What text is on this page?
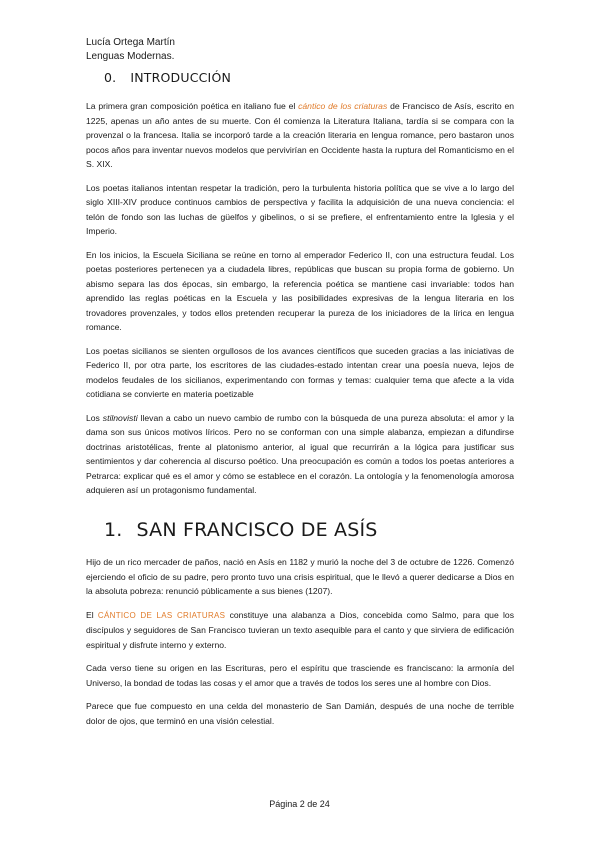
Lucía Ortega Martín
Lenguas Modernas.
0. INTRODUCCIÓN

La primera gran composición poética en italiano fue el cántico de los criaturas de Francisco de Asís, escrito en 1225, apenas un año antes de su muerte. Con él comienza la Literatura Italiana, tardía si se compara con la provenzal o la francesa. Italia se incorporó tarde a la creación literaria en lengua romance, pero bastaron unos pocos años para inventar nuevos modelos que pervivirían en Occidente hasta la ruptura del Romanticismo en el S. XIX.

Los poetas italianos intentan respetar la tradición, pero la turbulenta historia política que se vive a lo largo del siglo XIII-XIV produce continuos cambios de perspectiva y facilita la adquisición de una nueva conciencia: el telón de fondo son las luchas de güelfos y gibelinos, o si se prefiere, el enfrentamiento entre la Iglesia y el Imperio.

En los inicios, la Escuela Siciliana se reúne en torno al emperador Federico II, con una estructura feudal. Los poetas posteriores pertenecen ya a ciudadela libres, repúblicas que buscan su propia forma de gobierno. Un abismo separa las dos épocas, sin embargo, la referencia poética se mantiene casi invariable: todos han aprendido las reglas poéticas en la Escuela y las posibilidades expresivas de la lengua literaria en los trovadores provenzales, y todos ellos pretenden recuperar la pureza de los iniciadores de la lírica en lengua romance.

Los poetas sicilianos se sienten orgullosos de los avances científicos que suceden gracias a las iniciativas de Federico II, por otra parte, los escritores de las ciudades-estado intentan crear una poesía nueva, lejos de modelos feudales de los sicilianos, experimentando con formas y temas: cualquier tema que afecte a la vida cotidiana se convierte en materia poetizable

Los stilnovisti llevan a cabo un nuevo cambio de rumbo con la búsqueda de una pureza absoluta: el amor y la dama son sus únicos motivos líricos. Pero no se conforman con una simple alabanza, empiezan a difundirse doctrinas aristotélicas, frente al platonismo anterior, al igual que recurrirán a la lógica para justificar sus sentimientos y dar coherencia al discurso poético. Una preocupación es común a todos los poetas anteriores a Petrarca: explicar qué es el amor y cómo se establece en el corazón. La ontología y la fenomenología amorosa adquieren así un protagonismo fundamental.

1. SAN FRANCISCO DE ASÍS

Hijo de un rico mercader de paños, nació en Asís en 1182 y murió la noche del 3 de octubre de 1226. Comenzó ejerciendo el oficio de su padre, pero pronto tuvo una crisis espiritual, que le llevó a querer dedicarse a Dios en la absoluta pobreza: renunció públicamente a sus bienes (1207).

El CÁNTICO DE LAS CRIATURAS constituye una alabanza a Dios, concebida como Salmo, para que los discípulos y seguidores de San Francisco tuvieran un texto asequible para el canto y que sirviera de edificación espiritual y disfrute interno y externo.

Cada verso tiene su origen en las Escrituras, pero el espíritu que trasciende es franciscano: la armonía del Universo, la bondad de todas las cosas y el amor que a través de todos los seres une al hombre con Dios.

Parece que fue compuesto en una celda del monasterio de San Damián, después de una noche de terrible dolor de ojos, que terminó en una visión celestial.

Página 2 de 24
